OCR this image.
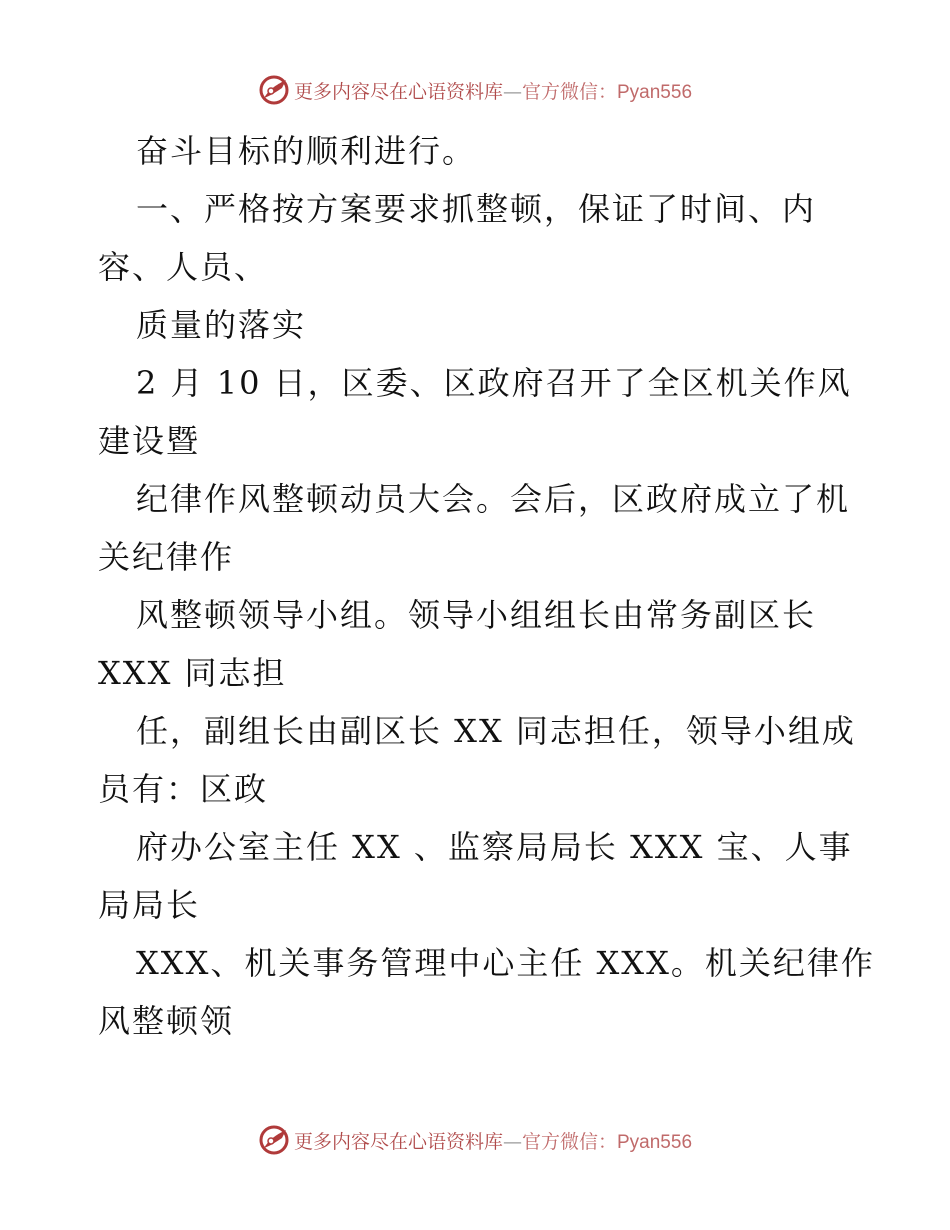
更多内容尽在心语资料库—官方微信：Pyan556
奋斗目标的顺利进行。
一、严格按方案要求抓整顿，保证了时间、内
容、人员、
质量的落实
2 月 10 日，区委、区政府召开了全区机关作风
建设暨
纪律作风整顿动员大会。会后，区政府成立了机
关纪律作
风整顿领导小组。领导小组组长由常务副区长
XXX 同志担
任，副组长由副区长 XX 同志担任，领导小组成
员有：区政
府办公室主任 XX 、监察局局长 XXX 宝、人事
局局长
XXX、机关事务管理中心主任 XXX。机关纪律作
风整顿领
更多内容尽在心语资料库—官方微信：Pyan556
